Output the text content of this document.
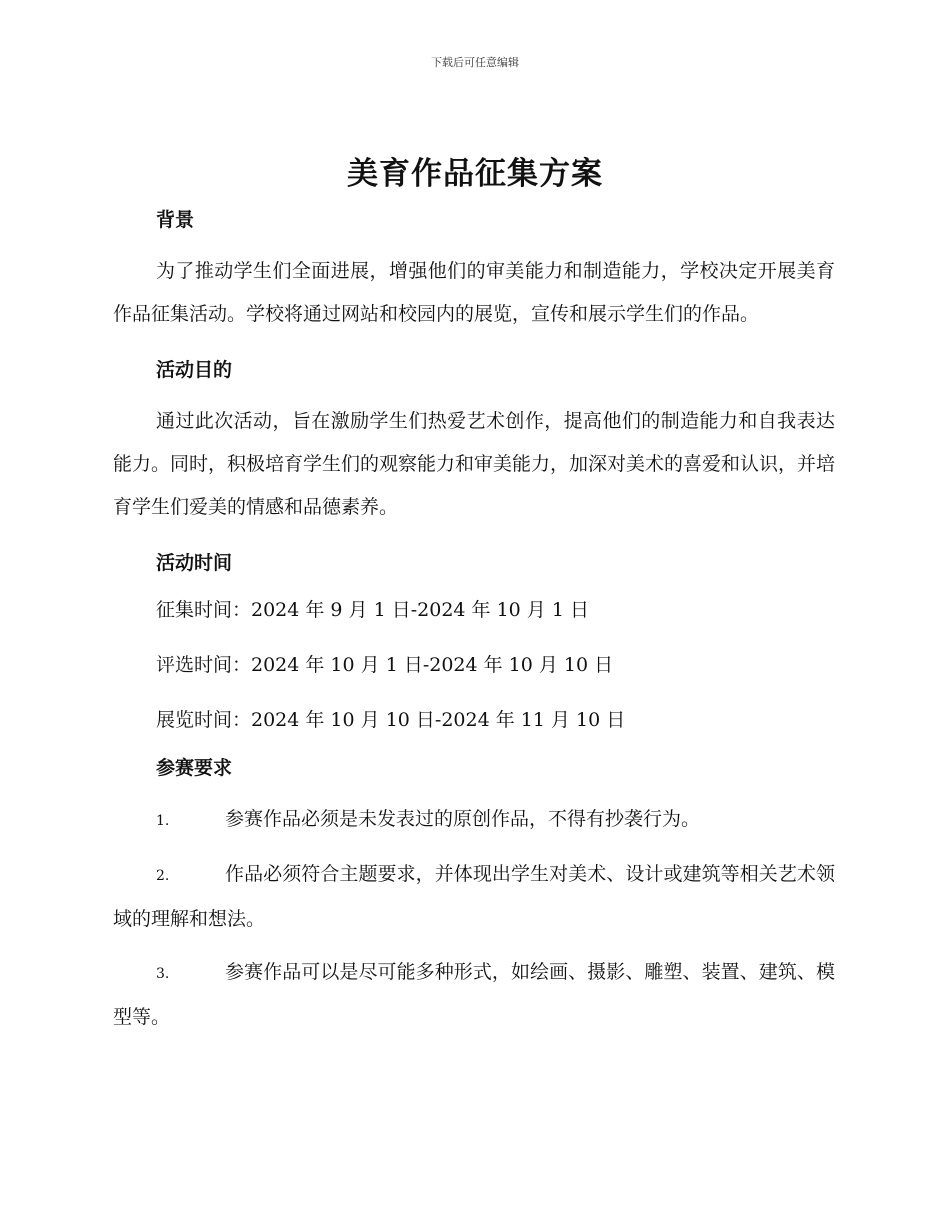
下载后可任意编辑
美育作品征集方案
背景

为了推动学生们全面进展，增强他们的审美能力和制造能力，学校决定开展美育作品征集活动。学校将通过网站和校园内的展览，宣传和展示学生们的作品。

活动目的

通过此次活动，旨在激励学生们热爱艺术创作，提高他们的制造能力和自我表达能力。同时，积极培育学生们的观察能力和审美能力，加深对美术的喜爱和认识，并培育学生们爱美的情感和品德素养。

活动时间

征集时间：2024 年 9 月 1 日-2024 年 10 月 1 日

评选时间：2024 年 10 月 1 日-2024 年 10 月 10 日

展览时间：2024 年 10 月 10 日-2024 年 11 月 10 日

参赛要求

1.	参赛作品必须是未发表过的原创作品，不得有抄袭行为。

2.	作品必须符合主题要求，并体现出学生对美术、设计或建筑等相关艺术领域的理解和想法。

3.	参赛作品可以是尽可能多种形式，如绘画、摄影、雕塑、装置、建筑、模型等。
